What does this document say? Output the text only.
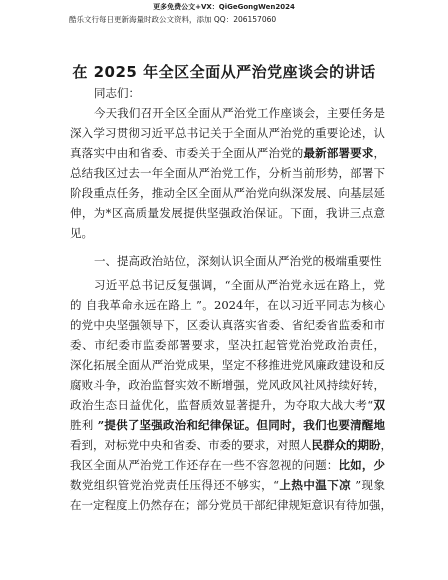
更多免费公文+VX：QiGeGongWen2024
酷乐文行每日更新海量时政公文资料，添加 QQ：206157060
在 2025 年全区全面从严治党座谈会的讲话
同志们：
今天我们召开全区全面从严治党工作座谈会，主要任务是
深入学习贯彻习近平总书记关于全面从严治党的重要论述，认
真落实中由和省委、市委关于全面从严治党的最新部署要求，
总结我区过去一年全面从严治党工作，分析当前形势，部署下
阶段重点任务，推动全区全面从严治党向纵深发展、向基层延
伸，为*区高质量发展提供坚强政治保证。下面，我讲三点意
见。
一、提高政治站位，深刻认识全面从严治党的极端重要性
习近平总书记反复强调，“全面从严治党永远在路上，党
的 自我革命永远在路上 ”。2024年，在以习近平同志为核心
的党中央坚强领导下，区委认真落实省委、省纪委省监委和市
委、市纪委市监委部署要求，坚决扛起管党治党政治责任，
深化拓展全面从严治党成果，坚定不移推进党风廉政建设和反
腐败斗争，政治监督实效不断增强，党风政风社风持续好转，
政治生态日益优化，监督质效显著提升，为夺取大战大考“双
胜利 ”提供了坚强政治和纪律保证。但同时，我们也要清醒地
看到，对标党中央和省委、市委的要求，对照人民群众的期盼，
我区全面从严治党工作还存在一些不容忽视的问题：比如，少
数党组织管党治党责任压得还不够实，“上热中温下凉 ”现象
在一定程度上仍然存在；部分党员干部纪律规矩意识有待加强，
